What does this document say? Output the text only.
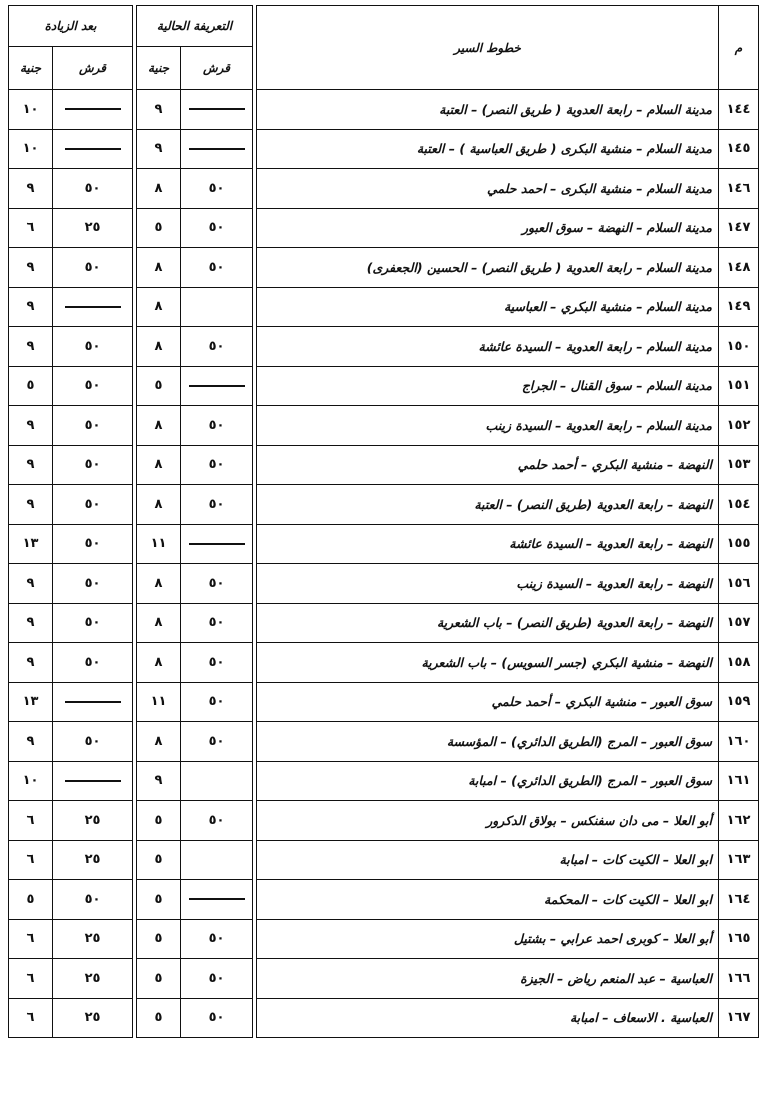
م	خطوط السير		التعريفة الحالية			بعد الزيادة	
			قرش	جنية		قرش	جنية
١٤٤	مدينة السلام – رابعة العدوية ( طريق النصر) – العتبة			٩			١٠
١٤٥	مدينة السلام – منشية البكرى ( طريق العباسية ) – العتبة			٩			١٠
١٤٦	مدينة السلام – منشية البكرى – احمد حلمي		٥٠	٨		٥٠	٩
١٤٧	مدينة السلام – النهضة – سوق العبور		٥٠	٥		٢٥	٦
١٤٨	مدينة السلام – رابعة العدوية ( طريق النصر) – الحسين (الجعفرى)		٥٠	٨		٥٠	٩
١٤٩	مدينة السلام – منشية البكري – العباسية			٨			٩
١٥٠	مدينة السلام – رابعة العدوية – السيدة عائشة		٥٠	٨		٥٠	٩
١٥١	مدينة السلام – سوق القنال – الجراج			٥		٥٠	٥
١٥٢	مدينة السلام – رابعة العدوية – السيدة زينب		٥٠	٨		٥٠	٩
١٥٣	النهضة – منشية البكري – أحمد حلمي		٥٠	٨		٥٠	٩
١٥٤	النهضة – رابعة العدوية (طريق النصر) – العتبة		٥٠	٨		٥٠	٩
١٥٥	النهضة – رابعة العدوية – السيدة عائشة			١١		٥٠	١٣
١٥٦	النهضة – رابعة العدوية – السيدة زينب		٥٠	٨		٥٠	٩
١٥٧	النهضة – رابعة العدوية (طريق النصر) – باب الشعرية		٥٠	٨		٥٠	٩
١٥٨	النهضة – منشية البكري (جسر السويس) – باب الشعرية		٥٠	٨		٥٠	٩
١٥٩	سوق العبور – منشية البكري – أحمد حلمي		٥٠	١١			١٣
١٦٠	سوق العبور – المرج (الطريق الدائري) – المؤسسة		٥٠	٨		٥٠	٩
١٦١	سوق العبور – المرج (الطريق الدائري) – امبابة			٩			١٠
١٦٢	أبو العلا – مى دان سفنكس – بولاق الدكرور		٥٠	٥		٢٥	٦
١٦٣	ابو العلا – الكيت كات – امبابة			٥		٢٥	٦
١٦٤	ابو العلا – الكيت كات – المحكمة			٥		٥٠	٥
١٦٥	أبو العلا – كوبرى احمد عرابي – بشتيل		٥٠	٥		٢٥	٦
١٦٦	العباسية – عبد المنعم رياض – الجيزة		٥٠	٥		٢٥	٦
١٦٧	العباسية . الاسعاف – امبابة		٥٠	٥		٢٥	٦
